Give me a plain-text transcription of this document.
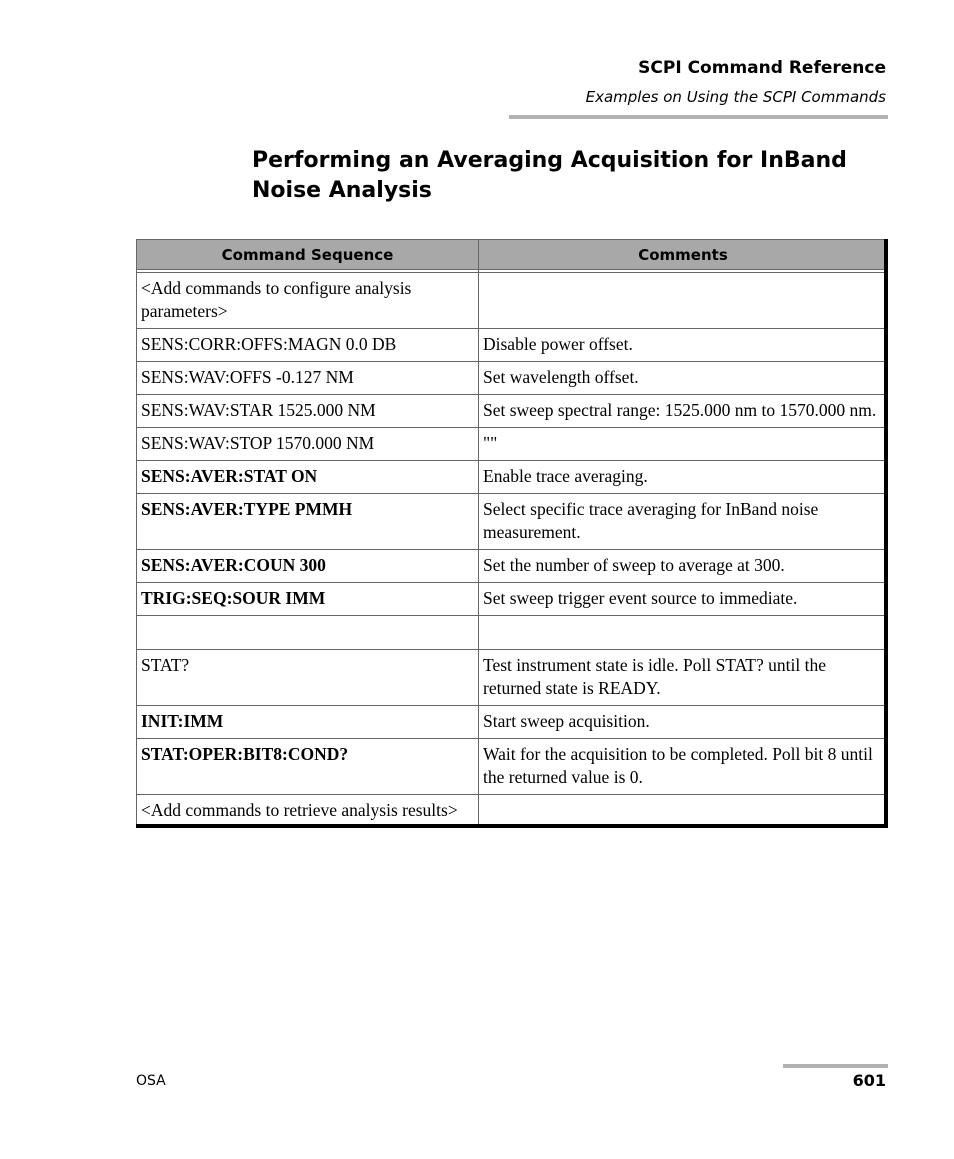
SCPI Command Reference
Examples on Using the SCPI Commands
Performing an Averaging Acquisition for InBand Noise Analysis
Command Sequence	Comments

<Add commands to configure analysis parameters>	
SENS:CORR:OFFS:MAGN 0.0 DB	Disable power offset.
SENS:WAV:OFFS -0.127 NM	Set wavelength offset.
SENS:WAV:STAR 1525.000 NM	Set sweep spectral range: 1525.000 nm to 1570.000 nm.
SENS:WAV:STOP 1570.000 NM	""
SENS:AVER:STAT ON	Enable trace averaging.
SENS:AVER:TYPE PMMH	Select specific trace averaging for InBand noise measurement.
SENS:AVER:COUN 300	Set the number of sweep to average at 300.
TRIG:SEQ:SOUR IMM	Set sweep trigger event source to immediate.

STAT?	Test instrument state is idle. Poll STAT? until the returned state is READY.
INIT:IMM	Start sweep acquisition.
STAT:OPER:BIT8:COND?	Wait for the acquisition to be completed. Poll bit 8 until the returned value is 0.
<Add commands to retrieve analysis results>	
OSA	601
